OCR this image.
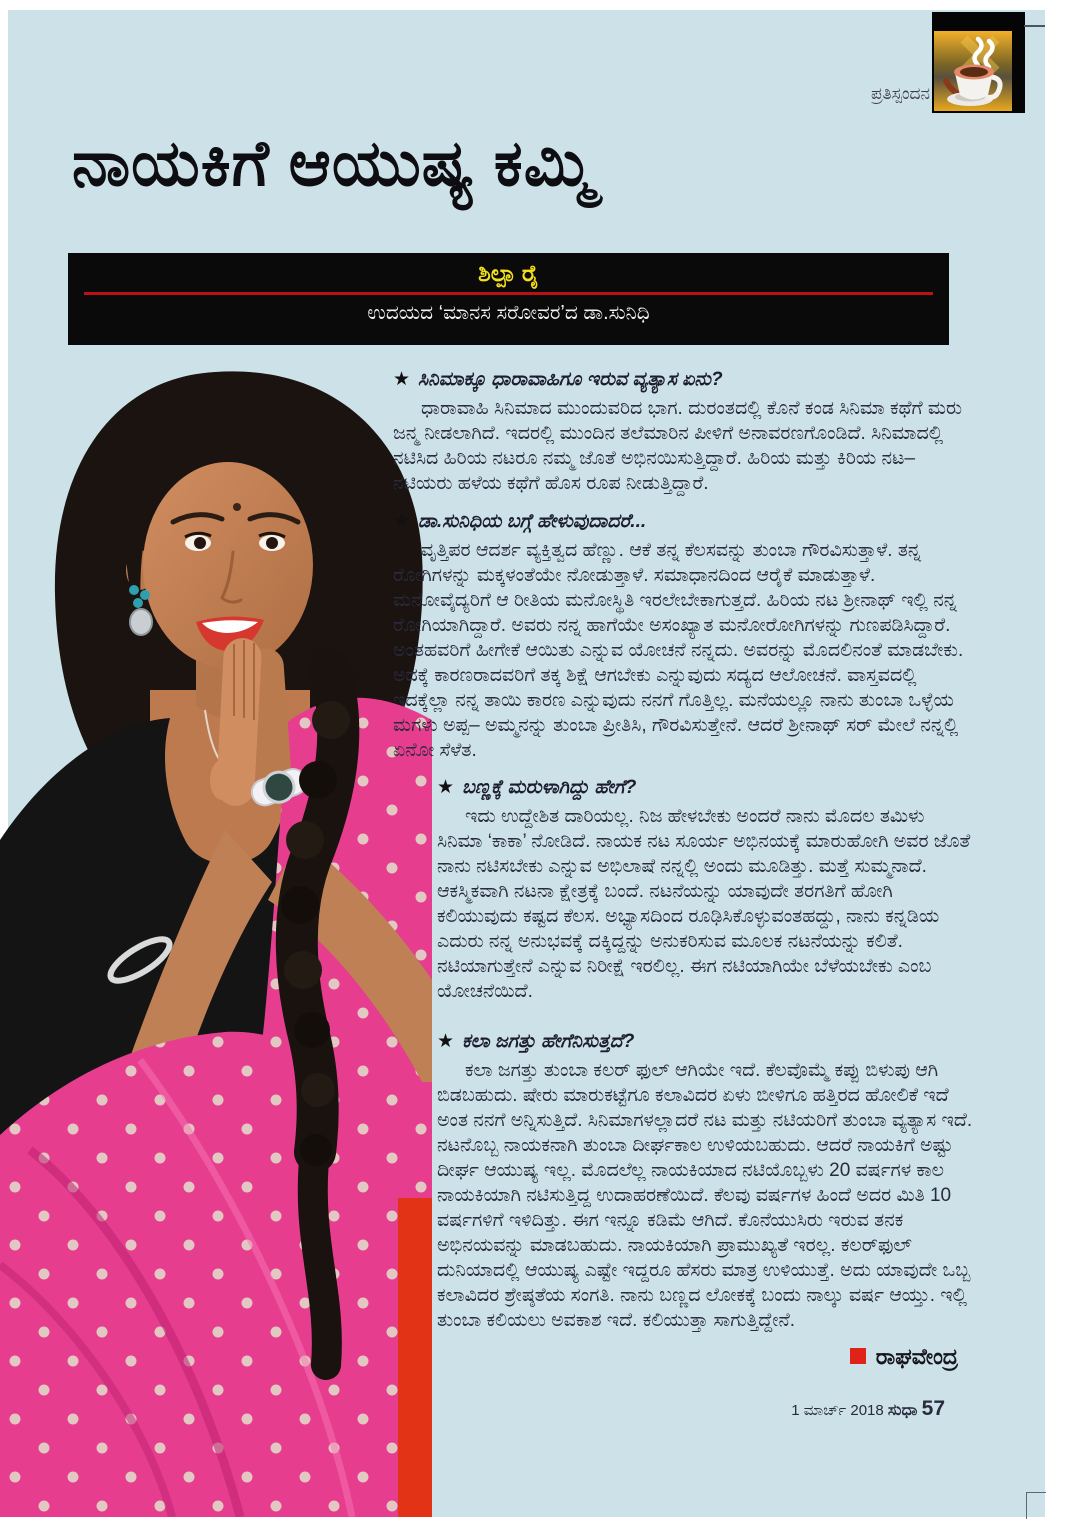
ಪ್ರತಿಸ್ಪಂದನ
ನಾಯಕಿಗೆ ಆಯುಷ್ಯ ಕಮ್ಮಿ
ಶಿಲ್ಪಾ ರೈ
ಉದಯದ ‘ಮಾನಸ ಸರೋವರ’ದ ಡಾ.ಸುನಿಧಿ

★ ಸಿನಿಮಾಕ್ಕೂ ಧಾರಾವಾಹಿಗೂ ಇರುವ ವ್ಯತ್ಯಾಸ ಏನು?

ಧಾರಾವಾಹಿ ಸಿನಿಮಾದ ಮುಂದುವರಿದ ಭಾಗ. ದುರಂತದಲ್ಲಿ ಕೊನೆ ಕಂಡ ಸಿನಿಮಾ ಕಥೆಗೆ ಮರು ಜನ್ಮ ನೀಡಲಾಗಿದೆ. ಇದರಲ್ಲಿ ಮುಂದಿನ ತಲೆಮಾರಿನ ಪೀಳಿಗೆ ಅನಾವರಣಗೊಂಡಿದೆ. ಸಿನಿಮಾದಲ್ಲಿ ನಟಿಸಿದ ಹಿರಿಯ ನಟರೂ ನಮ್ಮ ಜೊತೆ ಅಭಿನಯಿಸುತ್ತಿದ್ದಾರೆ. ಹಿರಿಯ ಮತ್ತು ಕಿರಿಯ ನಟ– ನಟಿಯರು ಹಳೆಯ ಕಥೆಗೆ ಹೊಸ ರೂಪ ನೀಡುತ್ತಿದ್ದಾರೆ.

★ ಡಾ.ಸುನಿಧಿಯ ಬಗ್ಗೆ ಹೇಳುವುದಾದರೆ...

ವೃತ್ತಿಪರ ಆದರ್ಶ ವ್ಯಕ್ತಿತ್ವದ ಹೆಣ್ಣು. ಆಕೆ ತನ್ನ ಕೆಲಸವನ್ನು ತುಂಬಾ ಗೌರವಿಸುತ್ತಾಳೆ. ತನ್ನ ರೋಗಿಗಳನ್ನು ಮಕ್ಕಳಂತೆಯೇ ನೋಡುತ್ತಾಳೆ. ಸಮಾಧಾನದಿಂದ ಆರೈಕೆ ಮಾಡುತ್ತಾಳೆ. ಮನೋವೈದ್ಯರಿಗೆ ಆ ರೀತಿಯ ಮನೋಸ್ಥಿತಿ ಇರಲೇಬೇಕಾಗುತ್ತದೆ. ಹಿರಿಯ ನಟ ಶ್ರೀನಾಥ್ ಇಲ್ಲಿ ನನ್ನ ರೋಗಿಯಾಗಿದ್ದಾರೆ. ಅವರು ನನ್ನ ಹಾಗೆಯೇ ಅಸಂಖ್ಯಾತ ಮನೋರೋಗಿಗಳನ್ನು ಗುಣಪಡಿಸಿದ್ದಾರೆ. ಅಂತಹವರಿಗೆ ಹೀಗೇಕೆ ಆಯಿತು ಎನ್ನುವ ಯೋಚನೆ ನನ್ನದು. ಅವರನ್ನು ಮೊದಲಿನಂತೆ ಮಾಡಬೇಕು. ಅದಕ್ಕೆ ಕಾರಣರಾದವರಿಗೆ ತಕ್ಕ ಶಿಕ್ಷೆ ಆಗಬೇಕು ಎನ್ನುವುದು ಸದ್ಯದ ಆಲೋಚನೆ. ವಾಸ್ತವದಲ್ಲಿ ಇದಕ್ಕೆಲ್ಲಾ ನನ್ನ ತಾಯಿ ಕಾರಣ ಎನ್ನುವುದು ನನಗೆ ಗೊತ್ತಿಲ್ಲ. ಮನೆಯಲ್ಲೂ ನಾನು ತುಂಬಾ ಒಳ್ಳೆಯ ಮಗಳು ಅಪ್ಪ– ಅಮ್ಮನನ್ನು ತುಂಬಾ ಪ್ರೀತಿಸಿ, ಗೌರವಿಸುತ್ತೇನೆ. ಆದರೆ ಶ್ರೀನಾಥ್ ಸರ್ ಮೇಲೆ ನನ್ನಲ್ಲಿ ಏನೋ ಸೆಳೆತ.

★ ಬಣ್ಣಕ್ಕೆ ಮರುಳಾಗಿದ್ದು ಹೇಗೆ?

ಇದು ಉದ್ದೇಶಿತ ದಾರಿಯಲ್ಲ. ನಿಜ ಹೇಳಬೇಕು ಅಂದರೆ ನಾನು ಮೊದಲ ತಮಿಳು ಸಿನಿಮಾ ‘ಕಾಕಾ’ ನೋಡಿದೆ. ನಾಯಕ ನಟ ಸೂರ್ಯ ಅಭಿನಯಕ್ಕೆ ಮಾರುಹೋಗಿ ಅವರ ಜೊತೆ ನಾನು ನಟಿಸಬೇಕು ಎನ್ನುವ ಅಭಿಲಾಷೆ ನನ್ನಲ್ಲಿ ಅಂದು ಮೂಡಿತ್ತು. ಮತ್ತೆ ಸುಮ್ಮನಾದೆ. ಆಕಸ್ಮಿಕವಾಗಿ ನಟನಾ ಕ್ಷೇತ್ರಕ್ಕೆ ಬಂದೆ. ನಟನೆಯನ್ನು ಯಾವುದೇ ತರಗತಿಗೆ ಹೋಗಿ ಕಲಿಯುವುದು ಕಷ್ಟದ ಕೆಲಸ. ಅಭ್ಯಾಸದಿಂದ ರೂಢಿಸಿಕೊಳ್ಳುವಂತಹದ್ದು, ನಾನು ಕನ್ನಡಿಯ ಎದುರು ನನ್ನ ಅನುಭವಕ್ಕೆ ದಕ್ಕಿದ್ದನ್ನು ಅನುಕರಿಸುವ ಮೂಲಕ ನಟನೆಯನ್ನು ಕಲಿತೆ. ನಟಿಯಾಗುತ್ತೇನೆ ಎನ್ನುವ ನಿರೀಕ್ಷೆ ಇರಲಿಲ್ಲ. ಈಗ ನಟಿಯಾಗಿಯೇ ಬೆಳೆಯಬೇಕು ಎಂಬ ಯೋಚನೆಯಿದೆ.

★ ಕಲಾ ಜಗತ್ತು ಹೇಗೆನಿಸುತ್ತದೆ?

ಕಲಾ ಜಗತ್ತು ತುಂಬಾ ಕಲರ್ ಫುಲ್ ಆಗಿಯೇ ಇದೆ. ಕೆಲವೊಮ್ಮೆ ಕಪ್ಪು ಬಿಳುಪು ಆಗಿ ಬಿಡಬಹುದು. ಷೇರು ಮಾರುಕಟ್ಟೆಗೂ ಕಲಾವಿದರ ಏಳು ಬೀಳಿಗೂ ಹತ್ತಿರದ ಹೋಲಿಕೆ ಇದೆ ಅಂತ ನನಗೆ ಅನ್ನಿಸುತ್ತಿದೆ. ಸಿನಿಮಾಗಳಲ್ಲಾದರೆ ನಟ ಮತ್ತು ನಟಿಯರಿಗೆ ತುಂಬಾ ವ್ಯತ್ಯಾಸ ಇದೆ. ನಟನೊಬ್ಬ ನಾಯಕನಾಗಿ ತುಂಬಾ ದೀರ್ಘಕಾಲ ಉಳಿಯಬಹುದು. ಆದರೆ ನಾಯಕಿಗೆ ಅಷ್ಟು ದೀರ್ಘ ಆಯುಷ್ಯ ಇಲ್ಲ. ಮೊದಲೆಲ್ಲ ನಾಯಕಿಯಾದ ನಟಿಯೊಬ್ಬಳು 20 ವರ್ಷಗಳ ಕಾಲ ನಾಯಕಿಯಾಗಿ ನಟಿಸುತ್ತಿದ್ದ ಉದಾಹರಣೆಯಿದೆ. ಕೆಲವು ವರ್ಷಗಳ ಹಿಂದೆ ಅದರ ಮಿತಿ 10 ವರ್ಷಗಳಿಗೆ ಇಳಿದಿತ್ತು. ಈಗ ಇನ್ನೂ ಕಡಿಮೆ ಆಗಿದೆ. ಕೊನೆಯುಸಿರು ಇರುವ ತನಕ ಅಭಿನಯವನ್ನು ಮಾಡಬಹುದು. ನಾಯಕಿಯಾಗಿ ಪ್ರಾಮುಖ್ಯತೆ ಇರಲ್ಲ. ಕಲರ್‌ಫುಲ್ ದುನಿಯಾದಲ್ಲಿ ಆಯುಷ್ಯ ಎಷ್ಟೇ ಇದ್ದರೂ ಹೆಸರು ಮಾತ್ರ ಉಳಿಯುತ್ತೆ. ಅದು ಯಾವುದೇ ಒಬ್ಬ ಕಲಾವಿದರ ಶ್ರೇಷ್ಠತೆಯ ಸಂಗತಿ. ನಾನು ಬಣ್ಣದ ಲೋಕಕ್ಕೆ ಬಂದು ನಾಲ್ಕು ವರ್ಷ ಆಯ್ತು. ಇಲ್ಲಿ ತುಂಬಾ ಕಲಿಯಲು ಅವಕಾಶ ಇದೆ. ಕಲಿಯುತ್ತಾ ಸಾಗುತ್ತಿದ್ದೇನೆ.

ರಾಘವೇಂದ್ರ
1 ಮಾರ್ಚ್ 2018 ಸುಧಾ 57
